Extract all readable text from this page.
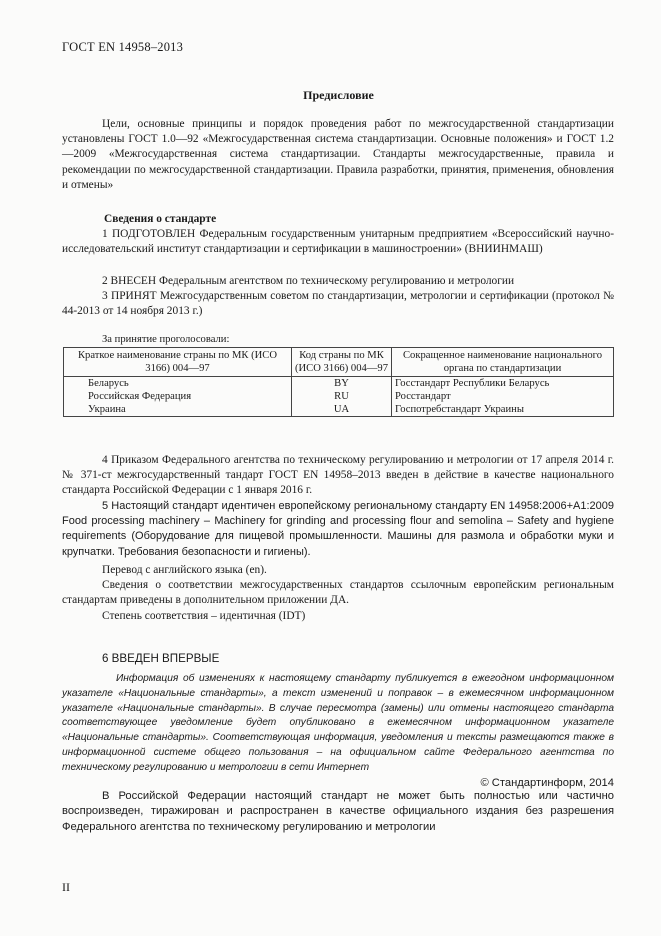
ГОСТ EN 14958–2013
Предисловие
Цели, основные принципы и порядок проведения работ по межгосударственной стандартизации установлены ГОСТ 1.0—92 «Межгосударственная система стандартизации. Основные положения» и ГОСТ 1.2—2009 «Межгосударственная система стандартизации. Стандарты межгосударственные, правила и рекомендации по межгосударственной стандартизации. Правила разработки, принятия, применения, обновления и отмены»
Сведения о стандарте
1 ПОДГОТОВЛЕН Федеральным государственным унитарным предприятием «Всероссийский научно-исследовательский институт стандартизации и сертификации в машиностроении» (ВНИИНМАШ)
2 ВНЕСЕН Федеральным агентством по техническому регулированию и метрологии
3 ПРИНЯТ Межгосударственным советом по стандартизации, метрологии и сертификации (протокол № 44-2013 от 14 ноября 2013 г.)
За принятие проголосовали:
Краткое наименование страны по МК (ИСО 3166) 004—97	Код страны по МК (ИСО 3166) 004—97	Сокращенное наименование национального органа по стандартизации
Беларусь	BY	Госстандарт Республики Беларусь
Российская Федерация	RU	Росстандарт
Украина	UA	Госпотребстандарт Украины
4 Приказом Федерального агентства по техническому регулированию и метрологии от 17 апреля 2014 г. № 371-ст межгосударственный тандарт ГОСТ EN 14958–2013 введен в действие в качестве национального стандарта Российской Федерации с 1 января 2016 г.
5 Настоящий стандарт идентичен европейскому региональному стандарту EN 14958:2006+A1:2009 Food processing machinery – Machinery for grinding and processing flour and semolina – Safety and hygiene requirements (Оборудование для пищевой промышленности. Машины для размола и обработки муки и крупчатки. Требования безопасности и гигиены).
Перевод с английского языка (en).
Сведения о соответствии межгосударственных стандартов ссылочным европейским региональным стандартам приведены в дополнительном приложении ДА.
Степень соответствия – идентичная (IDT)
6 ВВЕДЕН ВПЕРВЫЕ
Информация об изменениях к настоящему стандарту публикуется в ежегодном информационном указателе «Национальные стандарты», а текст изменений и поправок – в ежемесячном информационном указателе «Национальные стандарты». В случае пересмотра (замены) или отмены настоящего стандарта соответствующее уведомление будет опубликовано в ежемесячном информационном указателе «Национальные стандарты». Соответствующая информация, уведомления и тексты размещаются также в информационной системе общего пользования – на официальном сайте Федерального агентства по техническому регулированию и метрологии в сети Интернет
© Стандартинформ, 2014
В Российской Федерации настоящий стандарт не может быть полностью или частично воспроизведен, тиражирован и распространен в качестве официального издания без разрешения Федерального агентства по техническому регулированию и метрологии
II
